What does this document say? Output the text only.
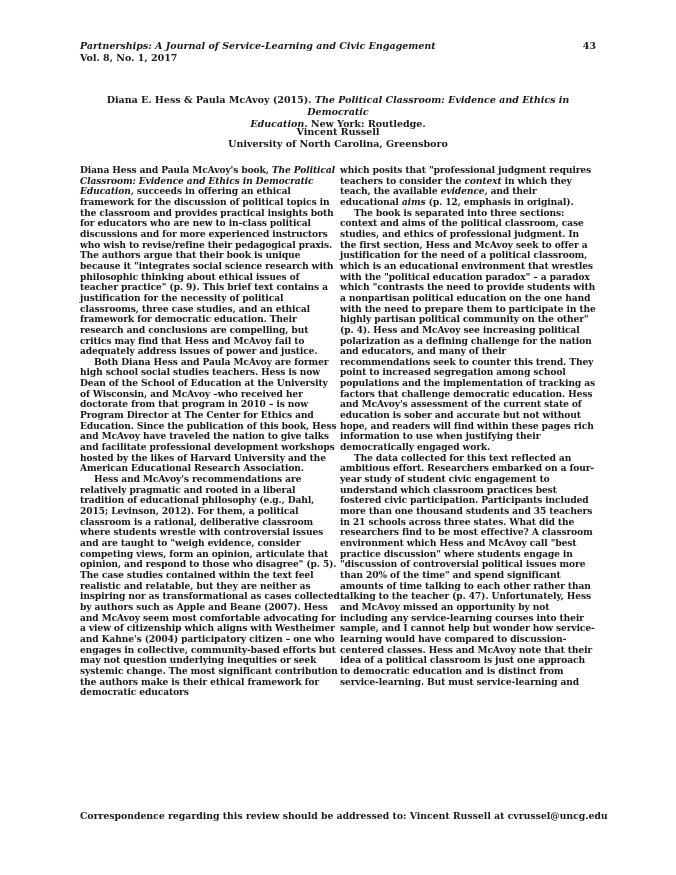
Partnerships: A Journal of Service-Learning and Civic Engagement
Vol. 8, No. 1, 2017
43
Diana E. Hess & Paula McAvoy (2015). The Political Classroom: Evidence and Ethics in Democratic
Education. New York: Routledge.
Vincent Russell
University of North Carolina, Greensboro

Diana Hess and Paula McAvoy's book, The Political Classroom: Evidence and Ethics in Democratic Education, succeeds in offering an ethical framework for the discussion of political topics in the classroom and provides practical insights both for educators who are new to in-class political discussions and for more experienced instructors who wish to revise/refine their pedagogical praxis. The authors argue that their book is unique because it "integrates social science research with philosophic thinking about ethical issues of teacher practice" (p. 9). This brief text contains a justification for the necessity of political classrooms, three case studies, and an ethical framework for democratic education. Their research and conclusions are compelling, but critics may find that Hess and McAvoy fail to adequately address issues of power and justice.

Both Diana Hess and Paula McAvoy are former high school social studies teachers. Hess is now Dean of the School of Education at the University of Wisconsin, and McAvoy –who received her doctorate from that program in 2010 – is now Program Director at The Center for Ethics and Education. Since the publication of this book, Hess and McAvoy have traveled the nation to give talks and facilitate professional development workshops hosted by the likes of Harvard University and the American Educational Research Association.

Hess and McAvoy's recommendations are relatively pragmatic and rooted in a liberal tradition of educational philosophy (e.g., Dahl, 2015; Levinson, 2012). For them, a political classroom is a rational, deliberative classroom where students wrestle with controversial issues and are taught to "weigh evidence, consider competing views, form an opinion, articulate that opinion, and respond to those who disagree" (p. 5). The case studies contained within the text feel realistic and relatable, but they are neither as inspiring nor as transformational as cases collected by authors such as Apple and Beane (2007). Hess and McAvoy seem most comfortable advocating for a view of citizenship which aligns with Westheimer and Kahne's (2004) participatory citizen – one who engages in collective, community-based efforts but may not question underlying inequities or seek systemic change. The most significant contribution the authors make is their ethical framework for democratic educators

which posits that "professional judgment requires teachers to consider the context in which they teach, the available evidence, and their educational aims (p. 12, emphasis in original).

The book is separated into three sections: context and aims of the political classroom, case studies, and ethics of professional judgment. In the first section, Hess and McAvoy seek to offer a justification for the need of a political classroom, which is an educational environment that wrestles with the "political education paradox" – a paradox which "contrasts the need to provide students with a nonpartisan political education on the one hand with the need to prepare them to participate in the highly partisan political community on the other" (p. 4). Hess and McAvoy see increasing political polarization as a defining challenge for the nation and educators, and many of their recommendations seek to counter this trend. They point to increased segregation among school populations and the implementation of tracking as factors that challenge democratic education. Hess and McAvoy's assessment of the current state of education is sober and accurate but not without hope, and readers will find within these pages rich information to use when justifying their democratically engaged work.

The data collected for this text reflected an ambitious effort. Researchers embarked on a four-year study of student civic engagement to understand which classroom practices best fostered civic participation. Participants included more than one thousand students and 35 teachers in 21 schools across three states. What did the researchers find to be most effective? A classroom environment which Hess and McAvoy call "best practice discussion" where students engage in "discussion of controversial political issues more than 20% of the time" and spend significant amounts of time talking to each other rather than talking to the teacher (p. 47). Unfortunately, Hess and McAvoy missed an opportunity by not including any service-learning courses into their sample, and I cannot help but wonder how service-learning would have compared to discussion-centered classes. Hess and McAvoy note that their idea of a political classroom is just one approach to democratic education and is distinct from service-learning. But must service-learning and

Correspondence regarding this review should be addressed to: Vincent Russell at cvrussel@uncg.edu
